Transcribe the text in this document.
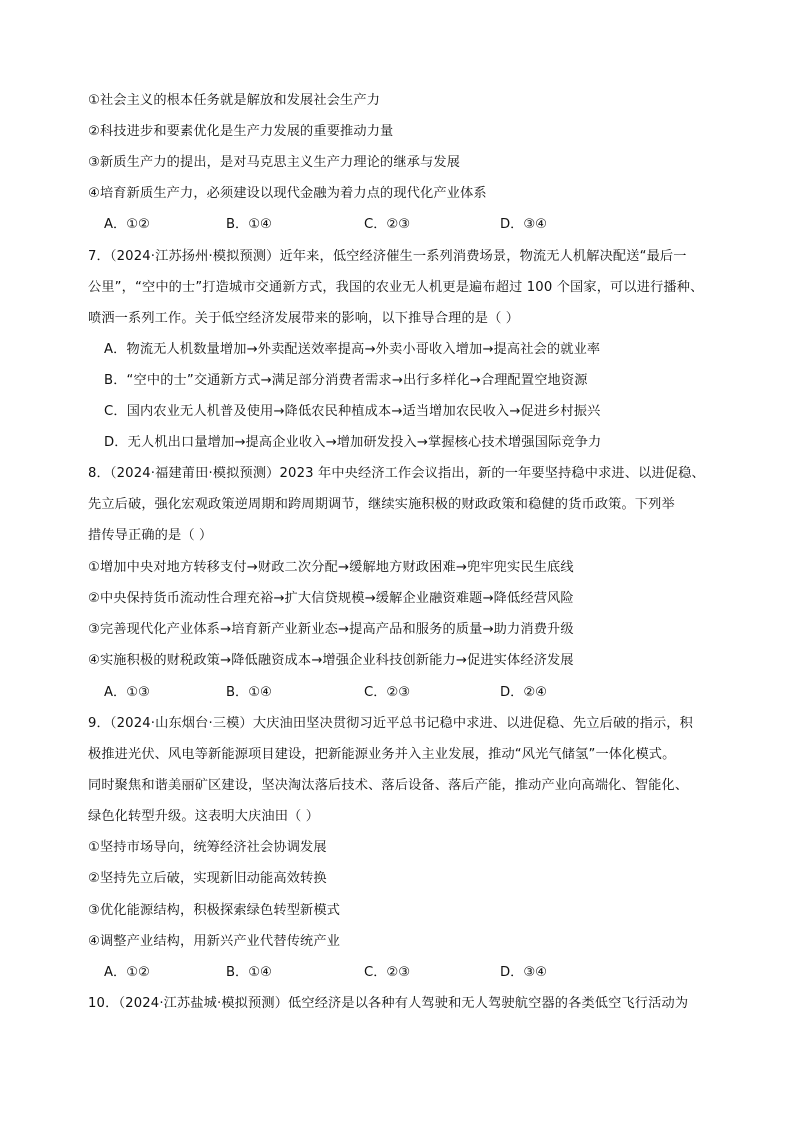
①社会主义的根本任务就是解放和发展社会生产力
②科技进步和要素优化是生产力发展的重要推动力量
③新质生产力的提出，是对马克思主义生产力理论的继承与发展
④培育新质生产力，必须建设以现代金融为着力点的现代化产业体系
A．①②	B．①④	C．②③	D．③④
7．（2024·江苏扬州·模拟预测）近年来，低空经济催生一系列消费场景，物流无人机解决配送“最后一
公里”，“空中的士”打造城市交通新方式，我国的农业无人机更是遍布超过 100 个国家，可以进行播种、
喷洒一系列工作。关于低空经济发展带来的影响，以下推导合理的是（ ）
A．物流无人机数量增加→外卖配送效率提高→外卖小哥收入增加→提高社会的就业率
B．“空中的士”交通新方式→满足部分消费者需求→出行多样化→合理配置空地资源
C．国内农业无人机普及使用→降低农民种植成本→适当增加农民收入→促进乡村振兴
D．无人机出口量增加→提高企业收入→增加研发投入→掌握核心技术增强国际竞争力
8．（2024·福建莆田·模拟预测）2023 年中央经济工作会议指出，新的一年要坚持稳中求进、以进促稳、
先立后破，强化宏观政策逆周期和跨周期调节，继续实施积极的财政政策和稳健的货币政策。下列举
措传导正确的是（ ）
①增加中央对地方转移支付→财政二次分配→缓解地方财政困难→兜牢兜实民生底线
②中央保持货币流动性合理充裕→扩大信贷规模→缓解企业融资难题→降低经营风险
③完善现代化产业体系→培育新产业新业态→提高产品和服务的质量→助力消费升级
④实施积极的财税政策→降低融资成本→增强企业科技创新能力→促进实体经济发展
A．①③	B．①④	C．②③	D．②④
9．（2024·山东烟台·三模）大庆油田坚决贯彻习近平总书记稳中求进、以进促稳、先立后破的指示，积
极推进光伏、风电等新能源项目建设，把新能源业务并入主业发展，推动“风光气储氢”一体化模式。
同时聚焦和谐美丽矿区建设，坚决淘汰落后技术、落后设备、落后产能，推动产业向高端化、智能化、
绿色化转型升级。这表明大庆油田（ ）
①坚持市场导向，统筹经济社会协调发展
②坚持先立后破，实现新旧动能高效转换
③优化能源结构，积极探索绿色转型新模式
④调整产业结构，用新兴产业代替传统产业
A．①②	B．①④	C．②③	D．③④
10．（2024·江苏盐城·模拟预测）低空经济是以各种有人驾驶和无人驾驶航空器的各类低空飞行活动为
